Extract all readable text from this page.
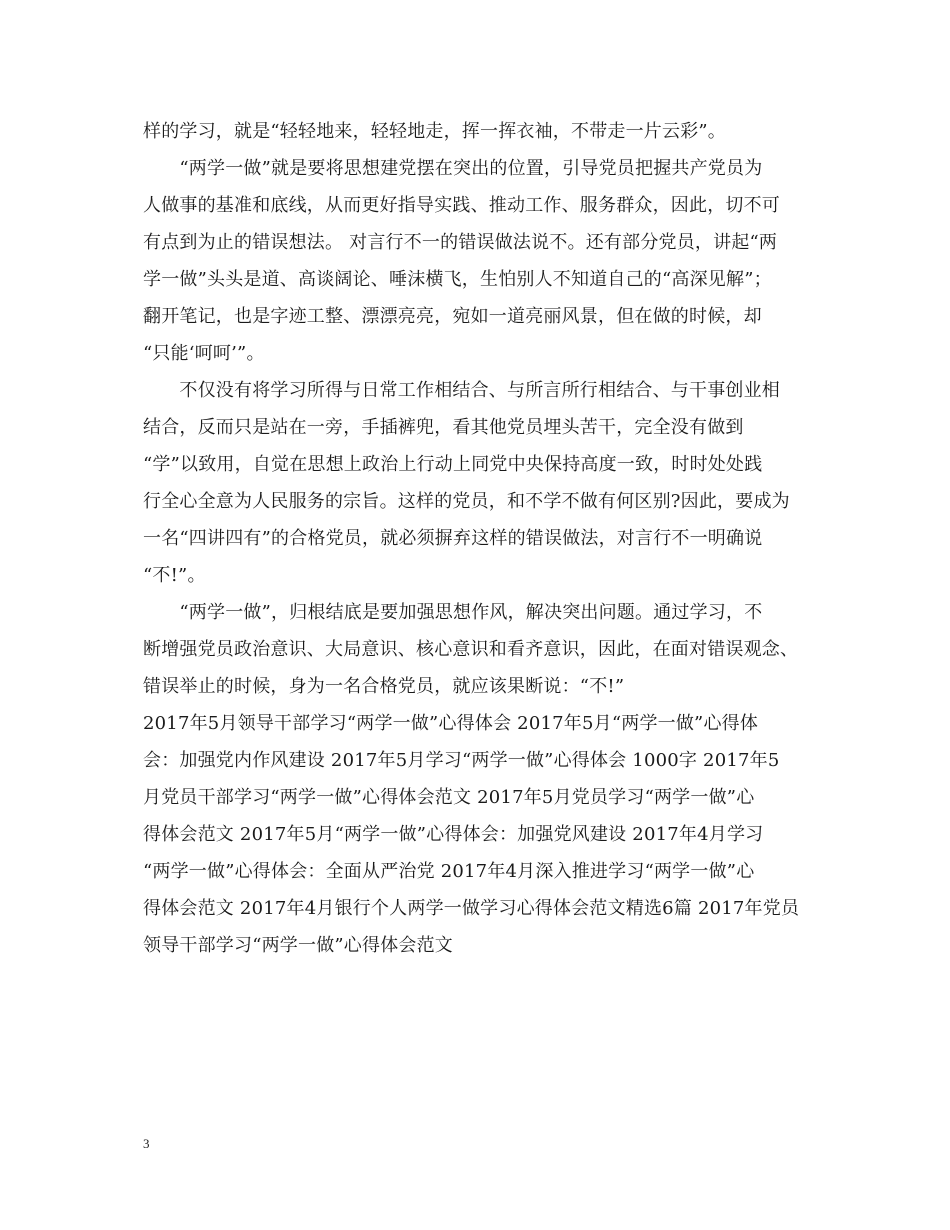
样的学习，就是“轻轻地来，轻轻地走，挥一挥衣袖，不带走一片云彩”。
　　“两学一做”就是要将思想建党摆在突出的位置，引导党员把握共产党员为
人做事的基准和底线，从而更好指导实践、推动工作、服务群众，因此，切不可
有点到为止的错误想法。 对言行不一的错误做法说不。还有部分党员，讲起“两
学一做”头头是道、高谈阔论、唾沫横飞，生怕别人不知道自己的“高深见解”；
翻开笔记，也是字迹工整、漂漂亮亮，宛如一道亮丽风景，但在做的时候，却
“只能‘呵呵’”。
　　不仅没有将学习所得与日常工作相结合、与所言所行相结合、与干事创业相
结合，反而只是站在一旁，手插裤兜，看其他党员埋头苦干，完全没有做到
“学”以致用，自觉在思想上政治上行动上同党中央保持高度一致，时时处处践
行全心全意为人民服务的宗旨。这样的党员，和不学不做有何区别?因此，要成为
一名“四讲四有”的合格党员，就必须摒弃这样的错误做法，对言行不一明确说
“不!”。
　　“两学一做”，归根结底是要加强思想作风，解决突出问题。通过学习，不
断增强党员政治意识、大局意识、核心意识和看齐意识，因此，在面对错误观念、
错误举止的时候，身为一名合格党员，就应该果断说：“不!”
2017年5月领导干部学习“两学一做”心得体会 2017年5月“两学一做”心得体
会：加强党内作风建设 2017年5月学习“两学一做”心得体会 1000字 2017年5
月党员干部学习“两学一做”心得体会范文 2017年5月党员学习“两学一做”心
得体会范文 2017年5月“两学一做”心得体会：加强党风建设 2017年4月学习
“两学一做”心得体会：全面从严治党 2017年4月深入推进学习“两学一做”心
得体会范文 2017年4月银行个人两学一做学习心得体会范文精选6篇 2017年党员
领导干部学习“两学一做”心得体会范文
3
